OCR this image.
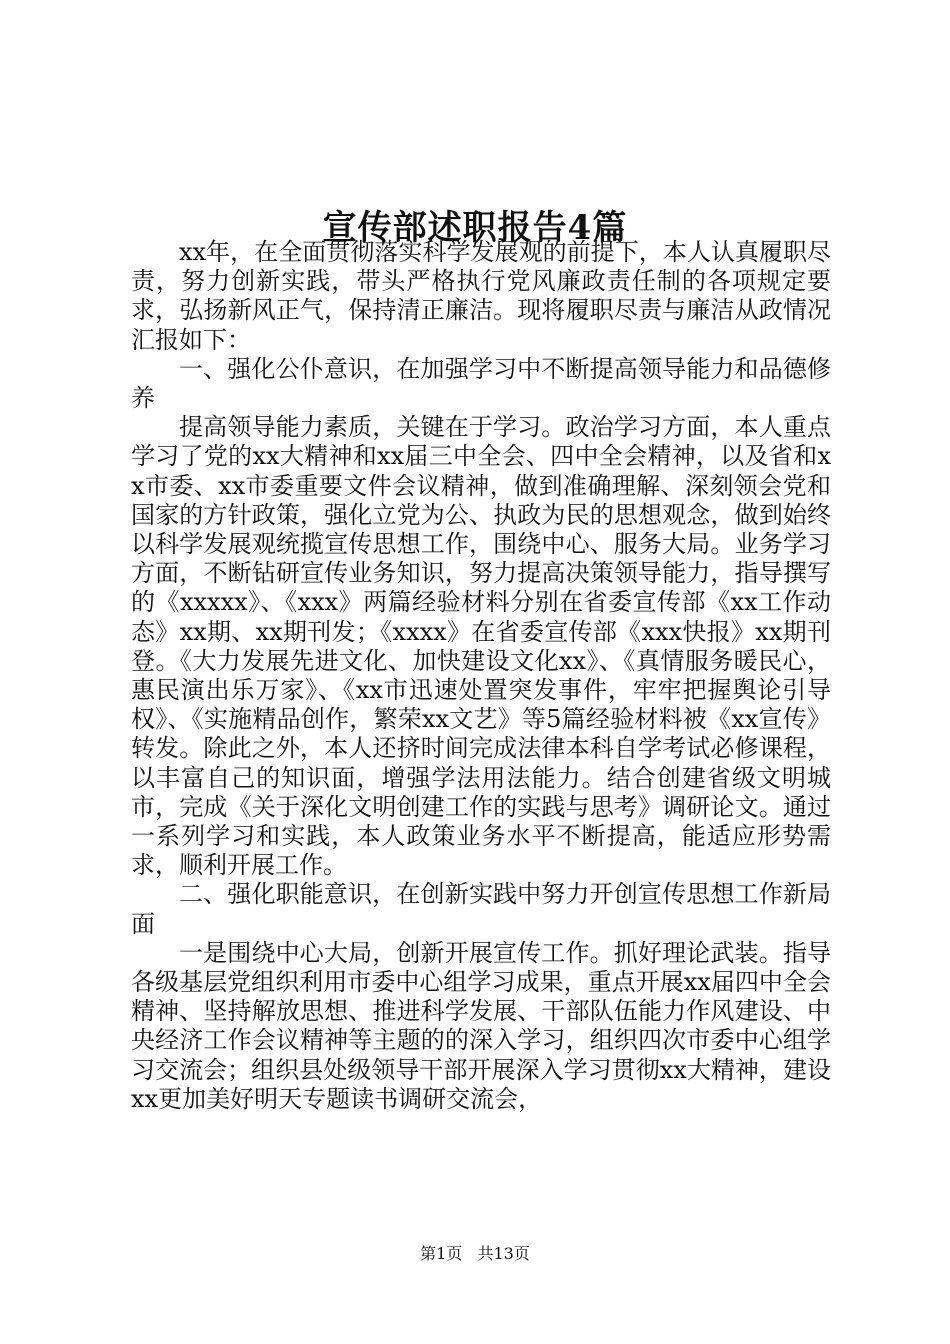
宣传部述职报告4篇

xx年，在全面贯彻落实科学发展观的前提下，本人认真履职尽责，努力创新实践，带头严格执行党风廉政责任制的各项规定要求，弘扬新风正气，保持清正廉洁。现将履职尽责与廉洁从政情况汇报如下：

一、强化公仆意识，在加强学习中不断提高领导能力和品德修养

提高领导能力素质，关键在于学习。政治学习方面，本人重点学习了党的xx大精神和xx届三中全会、四中全会精神，以及省和xx市委、xx市委重要文件会议精神，做到准确理解、深刻领会党和国家的方针政策，强化立党为公、执政为民的思想观念，做到始终以科学发展观统揽宣传思想工作，围绕中心、服务大局。业务学习方面，不断钻研宣传业务知识，努力提高决策领导能力，指导撰写的《xxxxx》、《xxx》两篇经验材料分别在省委宣传部《xx工作动态》xx期、xx期刊发；《xxxx》在省委宣传部《xxx快报》xx期刊登。《大力发展先进文化、加快建设文化xx》、《真情服务暖民心，惠民演出乐万家》、《xx市迅速处置突发事件，牢牢把握舆论引导权》、《实施精品创作，繁荣xx文艺》等5篇经验材料被《xx宣传》转发。除此之外，本人还挤时间完成法律本科自学考试必修课程，以丰富自己的知识面，增强学法用法能力。结合创建省级文明城市，完成《关于深化文明创建工作的实践与思考》调研论文。通过一系列学习和实践，本人政策业务水平不断提高，能适应形势需求，顺利开展工作。

二、强化职能意识，在创新实践中努力开创宣传思想工作新局面

一是围绕中心大局，创新开展宣传工作。抓好理论武装。指导各级基层党组织利用市委中心组学习成果，重点开展xx届四中全会精神、坚持解放思想、推进科学发展、干部队伍能力作风建设、中央经济工作会议精神等主题的的深入学习，组织四次市委中心组学习交流会；组织县处级领导干部开展深入学习贯彻xx大精神，建设xx更加美好明天专题读书调研交流会，

第1页 共13页
